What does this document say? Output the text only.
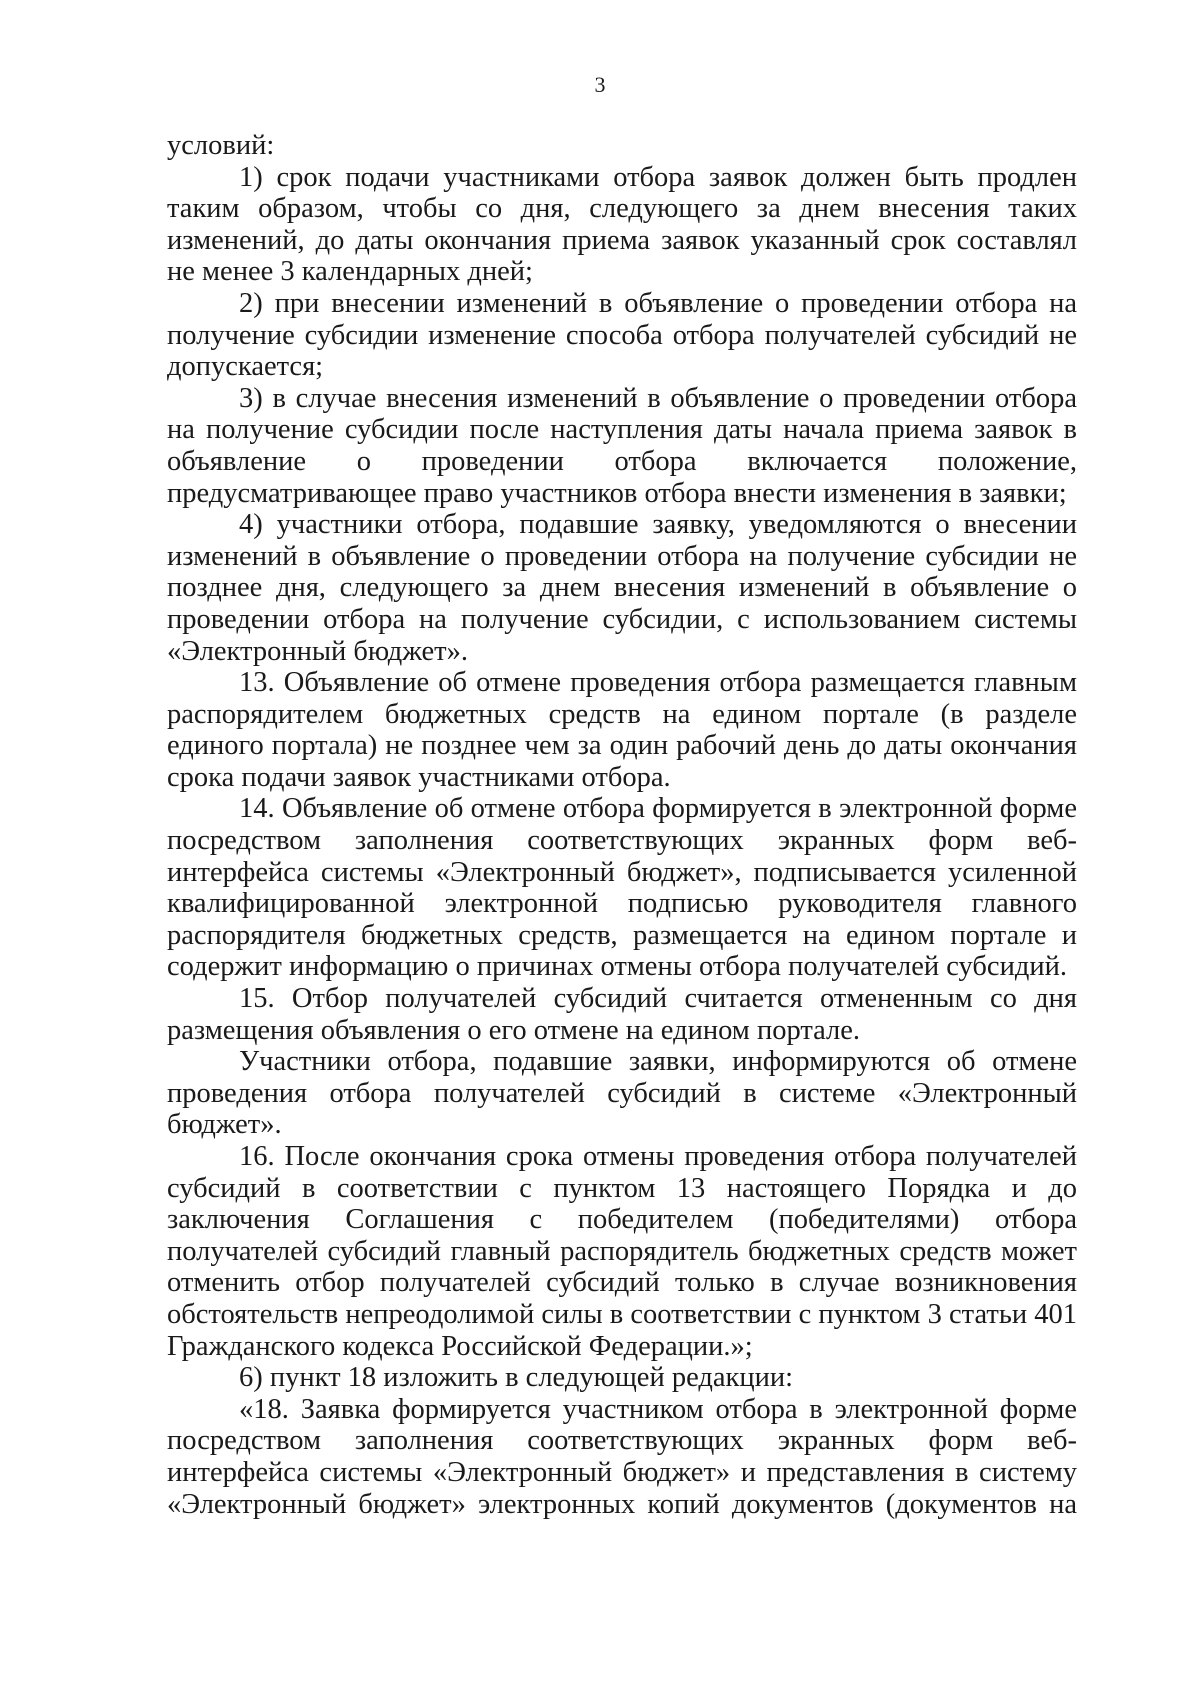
3

условий:

1) срок подачи участниками отбора заявок должен быть продлен таким образом, чтобы со дня, следующего за днем внесения таких изменений, до даты окончания приема заявок указанный срок составлял не менее 3 календарных дней;

2) при внесении изменений в объявление о проведении отбора на получение субсидии изменение способа отбора получателей субсидий не допускается;

3) в случае внесения изменений в объявление о проведении отбора на получение субсидии после наступления даты начала приема заявок в объявление о проведении отбора включается положение, предусматривающее право участников отбора внести изменения в заявки;

4) участники отбора, подавшие заявку, уведомляются о внесении изменений в объявление о проведении отбора на получение субсидии не позднее дня, следующего за днем внесения изменений в объявление о проведении отбора на получение субсидии, с использованием системы «Электронный бюджет».

13. Объявление об отмене проведения отбора размещается главным распорядителем бюджетных средств на едином портале (в разделе единого портала) не позднее чем за один рабочий день до даты окончания срока подачи заявок участниками отбора.

14. Объявление об отмене отбора формируется в электронной форме посредством заполнения соответствующих экранных форм веб-интерфейса системы «Электронный бюджет», подписывается усиленной квалифицированной электронной подписью руководителя главного распорядителя бюджетных средств, размещается на едином портале и содержит информацию о причинах отмены отбора получателей субсидий.

15. Отбор получателей субсидий считается отмененным со дня размещения объявления о его отмене на едином портале.

Участники отбора, подавшие заявки, информируются об отмене проведения отбора получателей субсидий в системе «Электронный бюджет».

16. После окончания срока отмены проведения отбора получателей субсидий в соответствии с пунктом 13 настоящего Порядка и до заключения Соглашения с победителем (победителями) отбора получателей субсидий главный распорядитель бюджетных средств может отменить отбор получателей субсидий только в случае возникновения обстоятельств непреодолимой силы в соответствии с пунктом 3 статьи 401 Гражданского кодекса Российской Федерации.»;

6) пункт 18 изложить в следующей редакции:

«18. Заявка формируется участником отбора в электронной форме посредством заполнения соответствующих экранных форм веб-интерфейса системы «Электронный бюджет» и представления в систему «Электронный бюджет» электронных копий документов (документов на
